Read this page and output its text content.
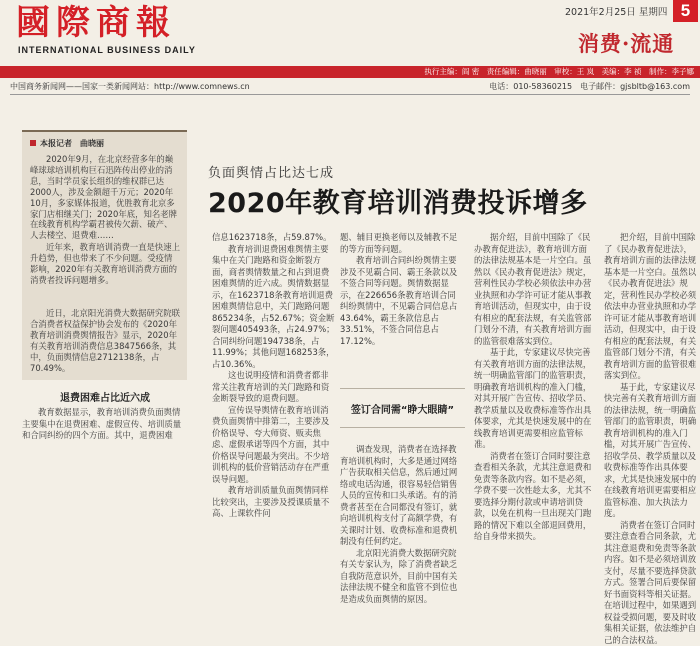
國際商報
INTERNATIONAL BUSINESS DAILY
2021年2月25日 星期四 5
消费·流通
执行主编：阎 密　责任编辑：曲晓丽　审校：王 岚　美编：李 祯　制作：李子娜
中国商务新闻网——国家一类新闻网站：http://www.comnews.cn	电话：010-58360215　电子邮件：gjsbltb@163.com
本报记者　曲晓丽

2020年9月，在北京经营多年的巅峰球球培训机构巨石迅阵传出停业的消息，当时学员家长组织的维权群已达2000人，涉及金额超千万元；2020年10月，多家媒体报道，优胜教育北京多家门店相继关门；2020年底，知名老牌在线教育机构学霸君被传欠薪、破产、人去楼空、退费难……

近年来，教育培训消费一直是快速上升趋势，但也带来了不少问题。受疫情影响，2020年有关教育培训消费方面的消费者投诉问题增多。

近日，北京阳光消费大数据研究院联合消费者权益保护协会发布的《2020年教育培训消费舆情报告》显示，2020年有关教育培训消费信息3847566条，其中，负面舆情信息2712138条，占70.49%。

退费困难占比近六成

教育数据显示，教育培训消费负面舆情主要集中在退费困难、虚假宣传、培训质量和合同纠纷的四个方面。其中，退费困难

负面舆情占比达七成
2020年教育培训消费投诉增多

信息1623718条，占59.87%。

教育培训退费困难舆情主要集中在关门跑路和资金断裂方面，商者舆情数量之和占到退费困难舆情的近六成。舆情数据显示，在1623718条教育培训退费困难舆情信息中，关门跑路问题865234条，占52.67%；资金断裂问题405493条，占24.97%；合同纠纷问题194738条，占11.99%；其他问题168253条，占10.36%。

这也说明疫情和消费者都非常关注教育培训的关门跑路和资金断裂导致的退费问题。

宣传误导舆情在教育培训消费负面舆情中排第二，主要涉及价格误导、夸大师资、贩卖焦虑、虚假承诺等四个方面，其中价格误导问题最为突出。不少培训机构的低价营销活动存在严重误导问题。

教育培训质量负面舆情同样比较突出，主要涉及授课质量不高、上课软件问

题、辅目更换老师以及辅教不足的等方面等问题。

教育培训合同纠纷舆情主要涉及不见霸合同、霸王条款以及不签合同等问题。舆情数据显示，在226656条教育培训合同纠纷舆情中，不见霸合同信息占43.64%，霸王条款信息占33.51%，不签合同信息占17.12%。

签订合同需“睁大眼睛”

调查发现，消费者在选择教育培训机构时，大多是通过网络广告获取相关信息，然后通过网络或电话沟通，很容易轻信销售人员的宣传和口头承诺。有的消费者甚至在合同都没有签订，就向培训机构支付了高额学费，有关课时计划、收费标准和退费机制没有任何约定。

北京阳光消费大数据研究院有关专家认为，除了消费者缺乏自我防范意识外，目前中国有关法律法规不健全和监管不到位也是造成负面舆情的原因。

据介绍，目前中国除了《民办教育促进法》，教育培训方面的法律法规基本是一片空白。虽然以《民办教育促进法》规定，营利性民办学校必须依法申办营业执照和办学许可证才能从事教育培训活动，但现实中，由于设有相应的配套法规，有关监管部门划分不清，有关教育培训方面的监管很难落实到位。

基于此，专家建议尽快完善有关教育培训方面的法律法规，统一明确监管部门的监管职责，明确教育培训机构的准入门槛，对其开展广告宣传、招收学员、教学质量以及收费标准等作出具体要求，尤其是快速发展中的在线教育培训更需要相应监管标准。

消费者在签订合同时要注意查看相关条款，尤其注意退费和免责等条款内容。如不是必须，学费不要一次性趁太多，尤其不要选择分期付款或申请培训贷款，以免在机构一旦出现关门跑路的情况下难以全部退回费用，给自身带来损失。

把介绍，目前中国除了《民办教育促进法》，教育培训方面的法律法规基本是一片空白。虽然以《民办教育促进法》规定，营利性民办学校必须依法申办营业执照和办学许可证才能从事教育培训活动，但现实中，由于设有相应的配套法规，有关监管部门划分不清，有关教育培训方面的监管很难落实到位。

基于此，专家建议尽快完善有关教育培训方面的法律法规，统一明确监管部门的监管职责，明确教育培训机构的准入门槛，对其开展广告宣传、招收学员、教学质量以及收费标准等作出具体要求，尤其是快速发展中的在线教育培训更需要相应监管标准、加大执法力度。

消费者在签订合同时要注意查看合同条款，尤其注意退费和免责等条款内容。如不是必须培训放支付，尽量不要选择贷款方式。签署合同后要保留好书面资料等相关证据。在培训过程中，如果遇到权益受损问题，要及时收集相关证据，依法维护自己的合法权益。
